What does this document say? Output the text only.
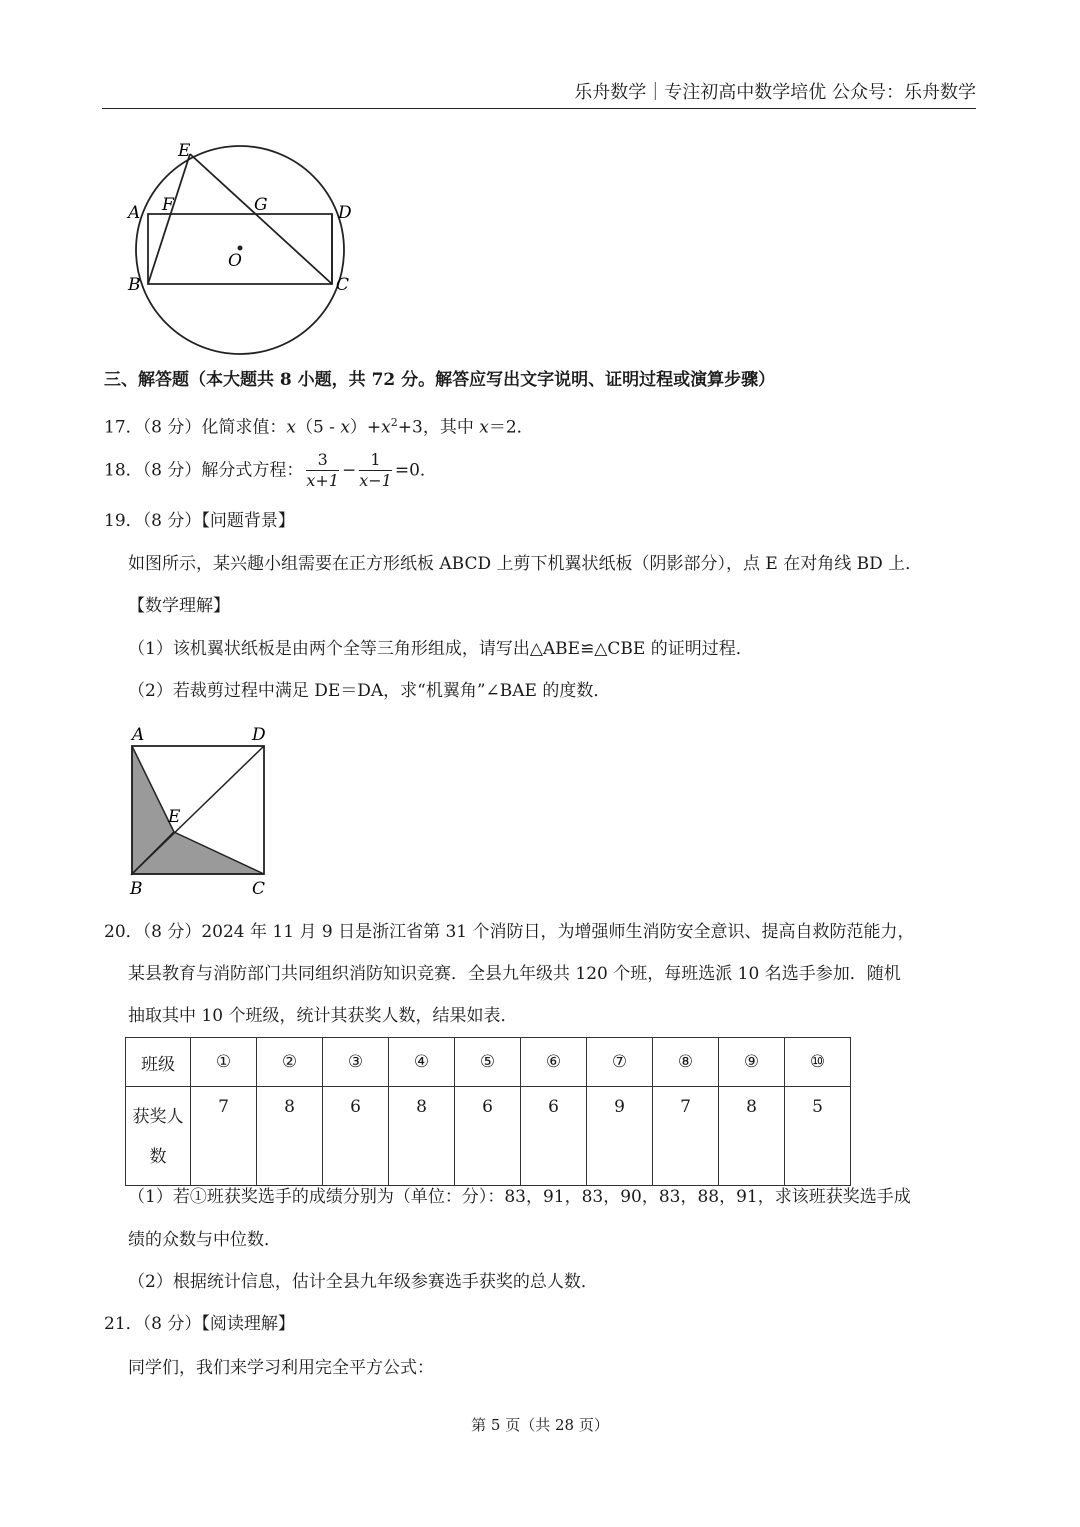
乐舟数学｜专注初高中数学培优 公众号：乐舟数学
E
F	G
A	D
O
B	C
三、解答题（本大题共 8 小题，共 72 分。解答应写出文字说明、证明过程或演算步骤）
17．（8 分）化简求值：$x(5 - x)+x^2+3$，其中 x＝2．
18．（8 分）解分式方程： $\frac{3}{x+1} - \frac{1}{x-1} =0$．
19．（8 分）【问题背景】
如图所示，某兴趣小组需要在正方形纸板 ABCD 上剪下机翼状纸板（阴影部分），点 E 在对角线 BD 上．
【数学理解】
（1）该机翼状纸板是由两个全等三角形组成，请写出△ABE≌△CBE 的证明过程．
（2）若裁剪过程中满足 DE＝DA，求“机翼角”∠BAE 的度数．
A	D
E
B	C
20．（8 分）2024 年 11 月 9 日是浙江省第 31 个消防日，为增强师生消防安全意识、提高自救防范能力，
某县教育与消防部门共同组织消防知识竞赛．全县九年级共 120 个班，每班选派 10 名选手参加．随机
抽取其中 10 个班级，统计其获奖人数，结果如表．
班级	①	②	③	④	⑤	⑥	⑦	⑧	⑨	⑩
获奖人
数	7	8	6	8	6	6	9	7	8	5
（1）若①班获奖选手的成绩分别为（单位：分）：83，91，83，90，83，88，91，求该班获奖选手成
绩的众数与中位数．
（2）根据统计信息，估计全县九年级参赛选手获奖的总人数．
21．（8 分）【阅读理解】
同学们，我们来学习利用完全平方公式：
第 5 页（共 28 页）
